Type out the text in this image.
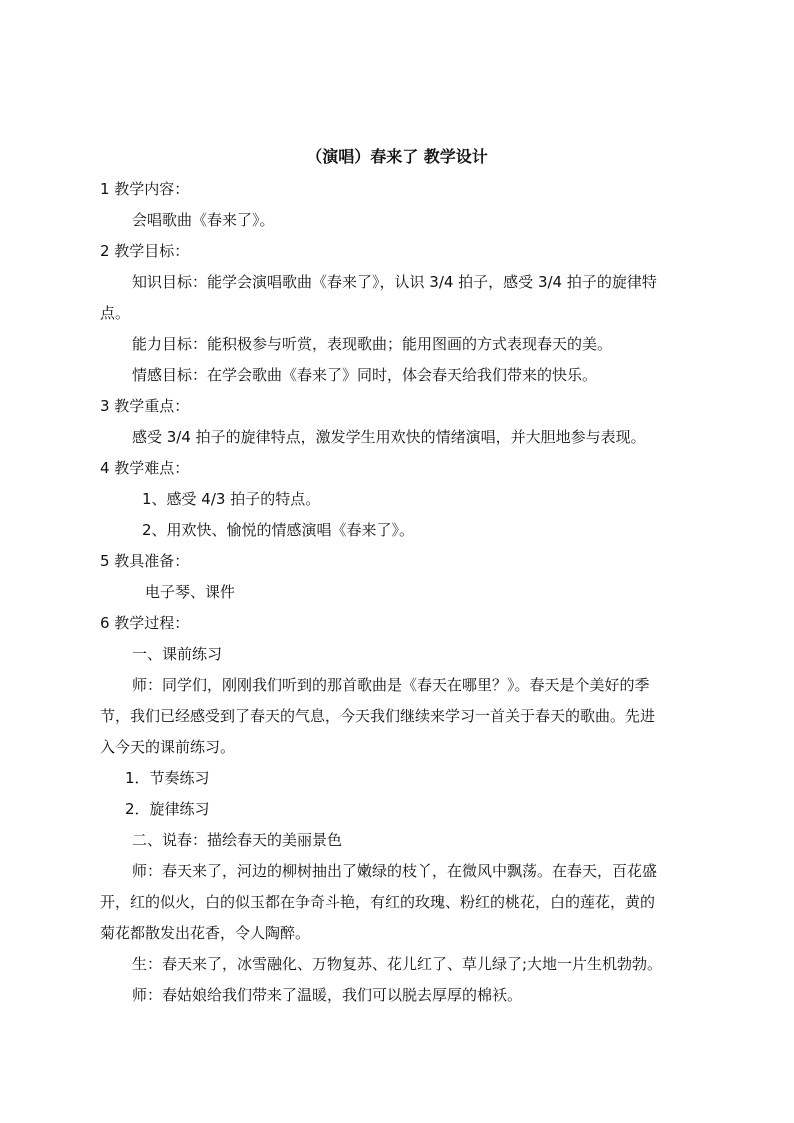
（演唱）春来了 教学设计
1 教学内容：
会唱歌曲《春来了》。
2 教学目标：
知识目标：能学会演唱歌曲《春来了》，认识 3/4 拍子，感受 3/4 拍子的旋律特
点。
能力目标：能积极参与听赏，表现歌曲；能用图画的方式表现春天的美。
情感目标：在学会歌曲《春来了》同时，体会春天给我们带来的快乐。
3 教学重点：
感受 3/4 拍子的旋律特点，激发学生用欢快的情绪演唱，并大胆地参与表现。
4 教学难点：
1、感受 4/3 拍子的特点。
2、用欢快、愉悦的情感演唱《春来了》。
5 教具准备：
电子琴、课件
6 教学过程：
一、课前练习
师：同学们，刚刚我们听到的那首歌曲是《春天在哪里？》。春天是个美好的季
节，我们已经感受到了春天的气息，今天我们继续来学习一首关于春天的歌曲。先进
入今天的课前练习。
1．节奏练习
2．旋律练习
二、说春：描绘春天的美丽景色
师：春天来了，河边的柳树抽出了嫩绿的枝丫，在微风中飘荡。在春天，百花盛
开，红的似火，白的似玉都在争奇斗艳，有红的玫瑰、粉红的桃花，白的莲花，黄的
菊花都散发出花香，令人陶醉。
生：春天来了，冰雪融化、万物复苏、花儿红了、草儿绿了;大地一片生机勃勃。
师：春姑娘给我们带来了温暖，我们可以脱去厚厚的棉袄。
